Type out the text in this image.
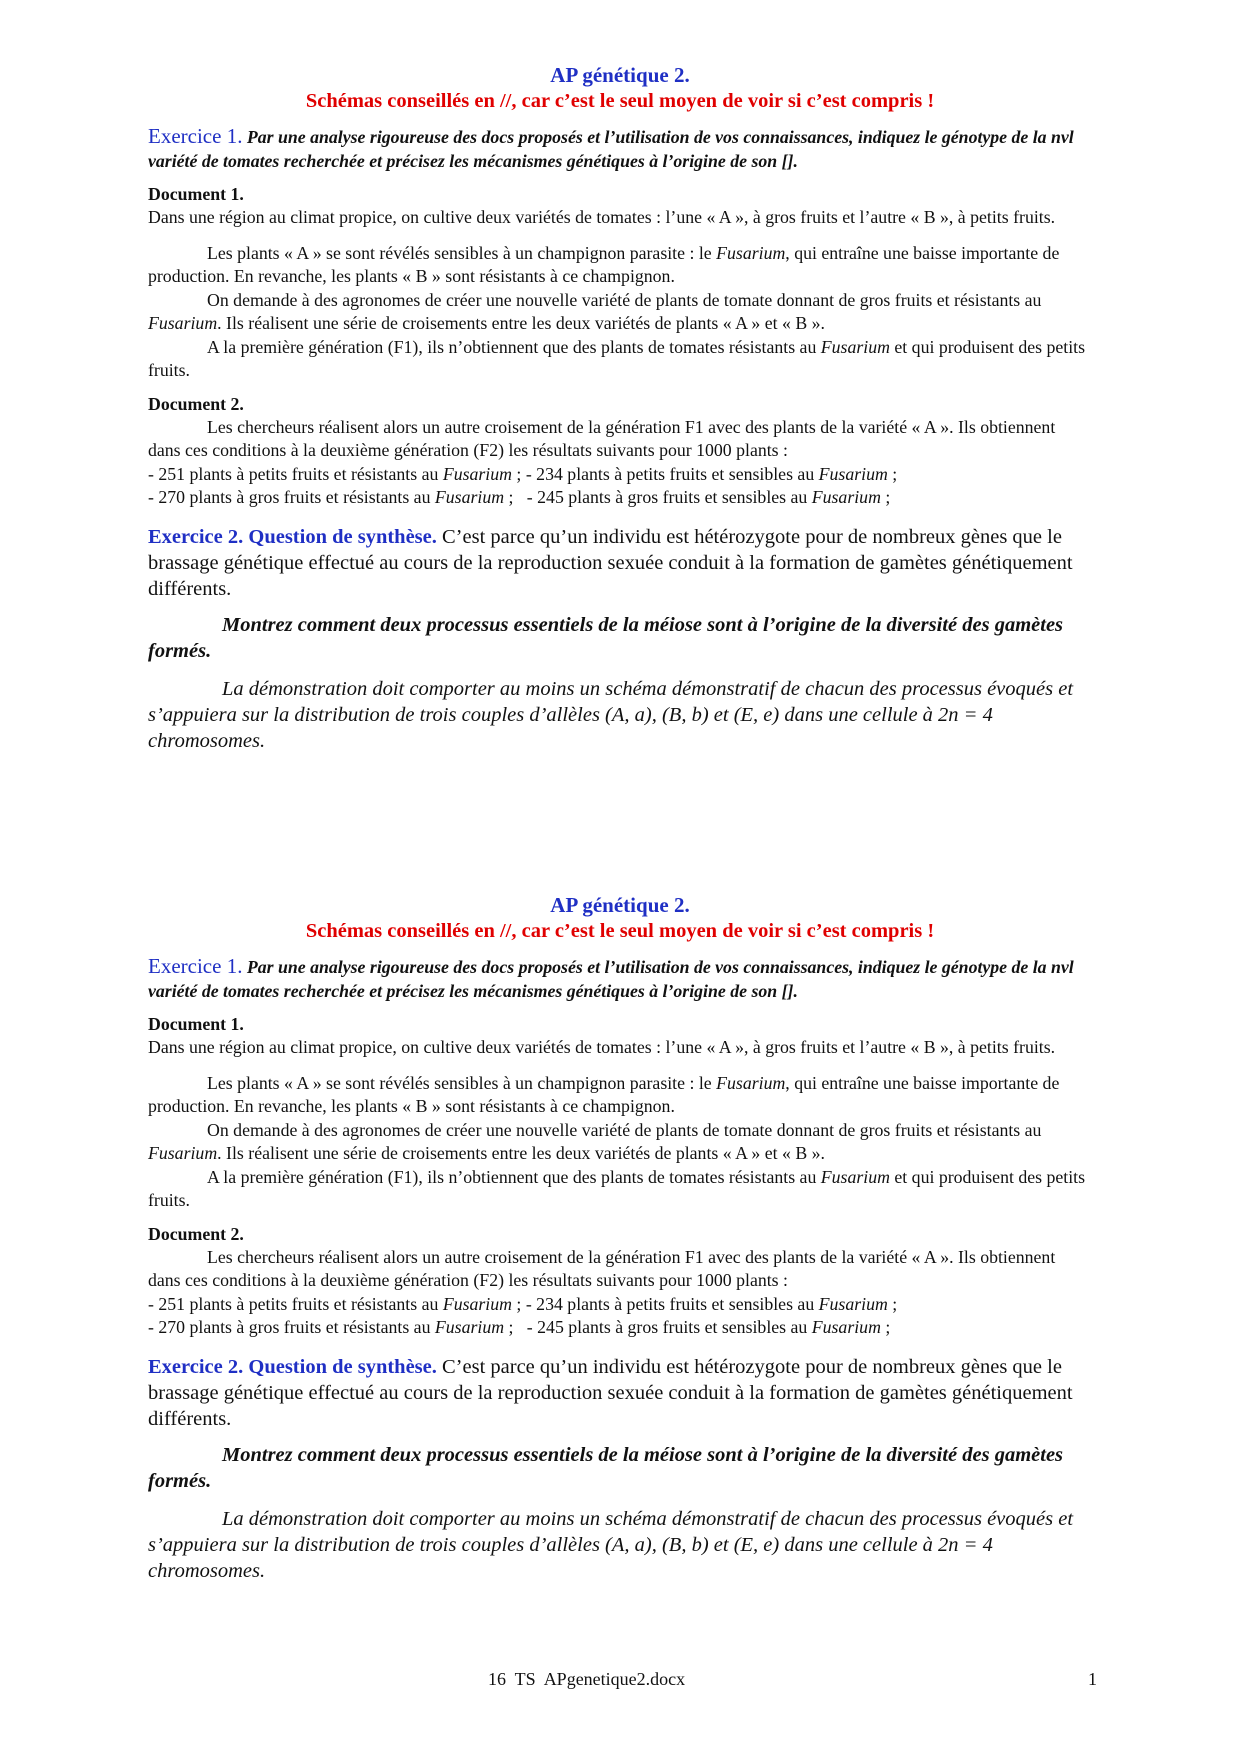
AP génétique 2.

Schémas conseillés en //, car c’est le seul moyen de voir si c’est compris !

Exercice 1. Par une analyse rigoureuse des docs proposés et l’utilisation de vos connaissances, indiquez le génotype de la nvl variété de tomates recherchée et précisez les mécanismes génétiques à l’origine de son [].

Document 1.

Dans une région au climat propice, on cultive deux variétés de tomates : l’une « A », à gros fruits et l’autre « B », à petits fruits.

Les plants « A » se sont révélés sensibles à un champignon parasite : le Fusarium, qui entraîne une baisse importante de production. En revanche, les plants « B » sont résistants à ce champignon.

On demande à des agronomes de créer une nouvelle variété de plants de tomate donnant de gros fruits et résistants au Fusarium. Ils réalisent une série de croisements entre les deux variétés de plants « A » et « B ».

A la première génération (F1), ils n’obtiennent que des plants de tomates résistants au Fusarium et qui produisent des petits fruits.

Document 2.

Les chercheurs réalisent alors un autre croisement de la génération F1 avec des plants de la variété « A ». Ils obtiennent dans ces conditions à la deuxième génération (F2) les résultats suivants pour 1000 plants :

- 251 plants à petits fruits et résistants au Fusarium ; - 234 plants à petits fruits et sensibles au Fusarium ;

- 270 plants à gros fruits et résistants au Fusarium ;   - 245 plants à gros fruits et sensibles au Fusarium ;

Exercice 2. Question de synthèse. C’est parce qu’un individu est hétérozygote pour de nombreux gènes que le brassage génétique effectué au cours de la reproduction sexuée conduit à la formation de gamètes génétiquement différents.

Montrez comment deux processus essentiels de la méiose sont à l’origine de la diversité des gamètes formés.

La démonstration doit comporter au moins un schéma démonstratif de chacun des processus évoqués et s’appuiera sur la distribution de trois couples d’allèles (A, a), (B, b) et (E, e) dans une cellule à 2n = 4 chromosomes.

AP génétique 2.

Schémas conseillés en //, car c’est le seul moyen de voir si c’est compris !

Exercice 1. Par une analyse rigoureuse des docs proposés et l’utilisation de vos connaissances, indiquez le génotype de la nvl variété de tomates recherchée et précisez les mécanismes génétiques à l’origine de son [].

Document 1.

Dans une région au climat propice, on cultive deux variétés de tomates : l’une « A », à gros fruits et l’autre « B », à petits fruits.

Les plants « A » se sont révélés sensibles à un champignon parasite : le Fusarium, qui entraîne une baisse importante de production. En revanche, les plants « B » sont résistants à ce champignon.

On demande à des agronomes de créer une nouvelle variété de plants de tomate donnant de gros fruits et résistants au Fusarium. Ils réalisent une série de croisements entre les deux variétés de plants « A » et « B ».

A la première génération (F1), ils n’obtiennent que des plants de tomates résistants au Fusarium et qui produisent des petits fruits.

Document 2.

Les chercheurs réalisent alors un autre croisement de la génération F1 avec des plants de la variété « A ». Ils obtiennent dans ces conditions à la deuxième génération (F2) les résultats suivants pour 1000 plants :

- 251 plants à petits fruits et résistants au Fusarium ; - 234 plants à petits fruits et sensibles au Fusarium ;

- 270 plants à gros fruits et résistants au Fusarium ;   - 245 plants à gros fruits et sensibles au Fusarium ;

Exercice 2. Question de synthèse. C’est parce qu’un individu est hétérozygote pour de nombreux gènes que le brassage génétique effectué au cours de la reproduction sexuée conduit à la formation de gamètes génétiquement différents.

Montrez comment deux processus essentiels de la méiose sont à l’origine de la diversité des gamètes formés.

La démonstration doit comporter au moins un schéma démonstratif de chacun des processus évoqués et s’appuiera sur la distribution de trois couples d’allèles (A, a), (B, b) et (E, e) dans une cellule à 2n = 4 chromosomes.

16  TS  APgenetique2.docx	1
